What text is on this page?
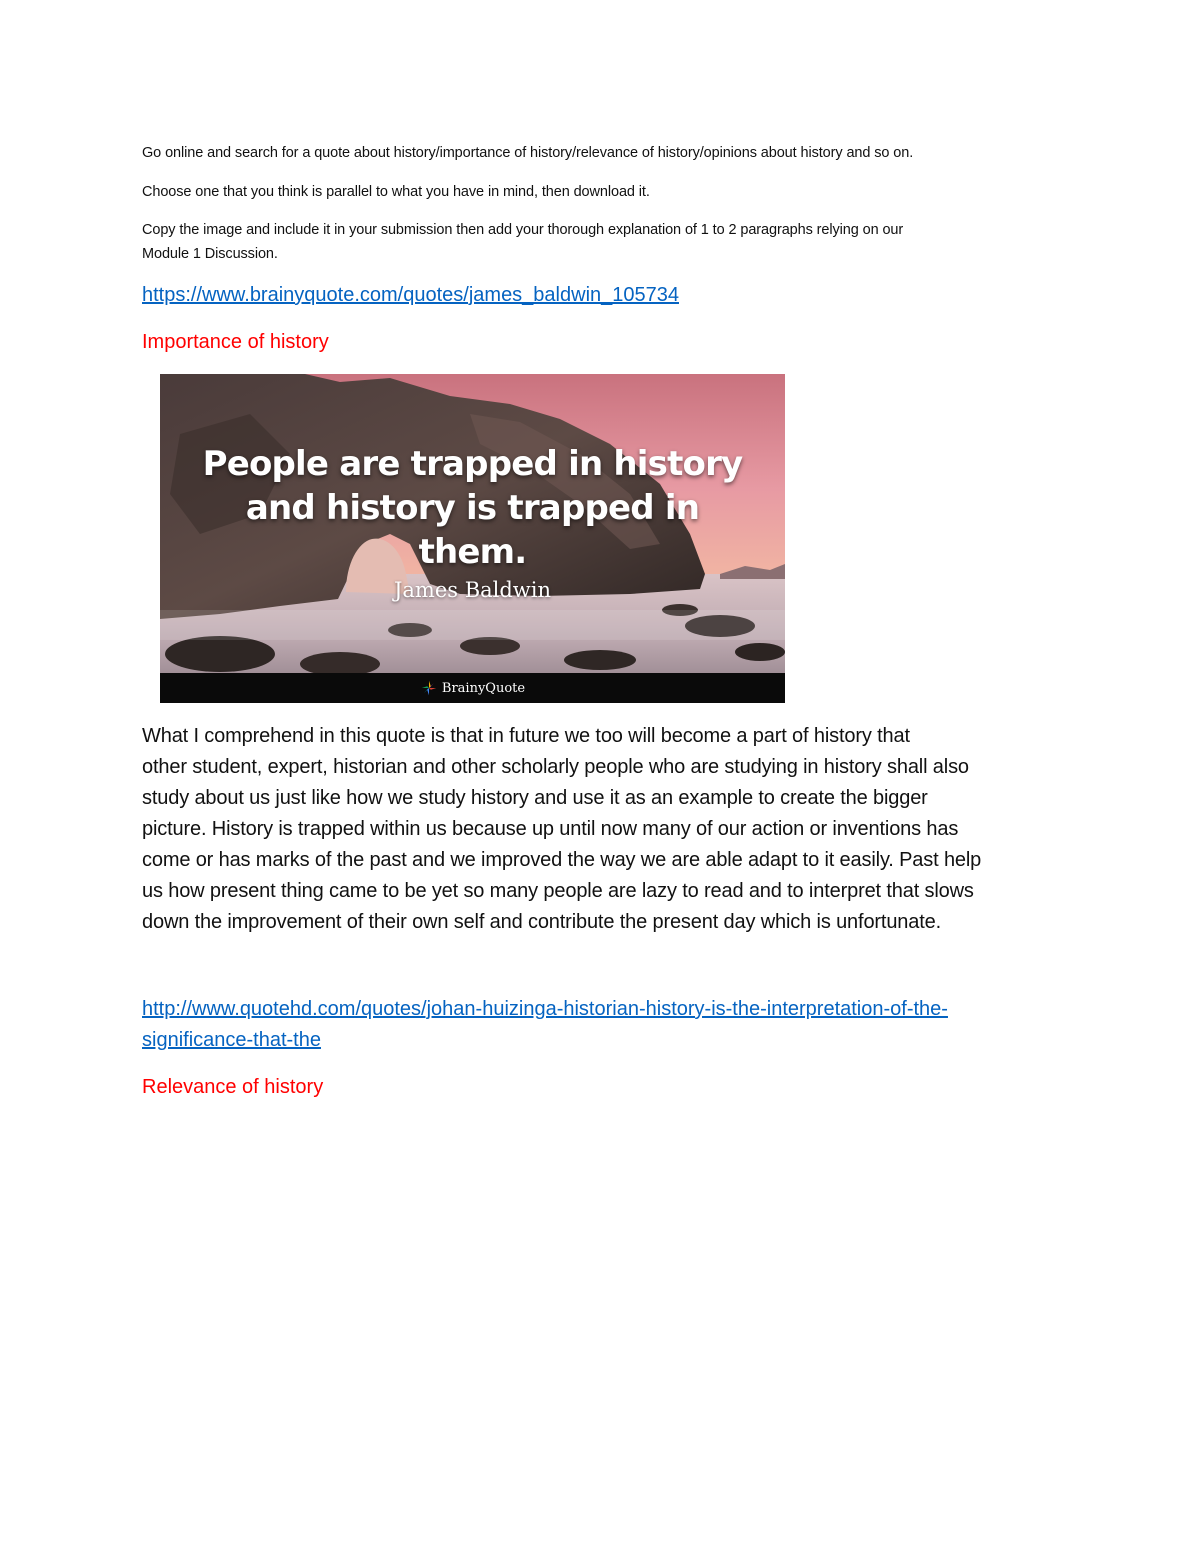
Go online and search for a quote about history/importance of history/relevance of history/opinions about history and so on.
Choose one that you think is parallel to what you have in mind, then download it.
Copy the image and include it in your submission then add your thorough explanation of 1 to 2 paragraphs relying on our
Module 1 Discussion.
https://www.brainyquote.com/quotes/james_baldwin_105734
Importance of history
People are trapped in history
and history is trapped in
them.
James Baldwin
BrainyQuote
What I comprehend in this quote is that in future we too will become a part of history that
other student, expert, historian and other scholarly people who are studying in history shall also
study about us just like how we study history and use it as an example to create the bigger
picture. History is trapped within us because up until now many of our action or inventions has
come or has marks of the past and we improved the way we are able adapt to it easily. Past help
us how present thing came to be yet so many people are lazy to read and to interpret that slows
down the improvement of their own self and contribute the present day which is unfortunate.
http://www.quotehd.com/quotes/johan-huizinga-historian-history-is-the-interpretation-of-the-
significance-that-the
Relevance of history
